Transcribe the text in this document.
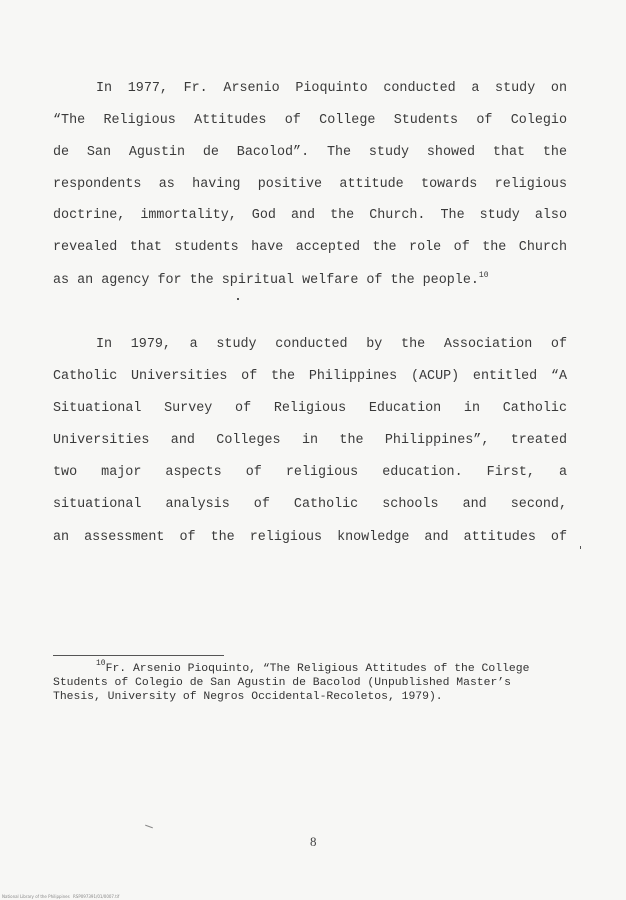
In 1977, Fr. Arsenio Pioquinto conducted a study on

“The Religious Attitudes of College Students of Colegio

de San Agustin de Bacolod”. The study showed that the

respondents as having positive attitude towards religious

doctrine, immortality, God and the Church. The study also

revealed that students have accepted the role of the Church

as an agency for the spiritual welfare of the people.$^{10}$

In 1979, a study conducted by the Association of

Catholic Universities of the Philippines (ACUP) entitled “A

Situational Survey of Religious Education in Catholic

Universities and Colleges in the Philippines”, treated

two major aspects of religious education. First, a

situational analysis of Catholic schools and second,

an assessment of the religious knowledge and attitudes of

$^{10}$Fr. Arsenio Pioquinto, “The Religious Attitudes of the College

Students of Colegio de San Agustin de Bacolod (Unpublished Master’s

Thesis, University of Negros Occidental-Recoletos, 1979).

8

National Library of the Philippines RSP097391/01/0007.tif
